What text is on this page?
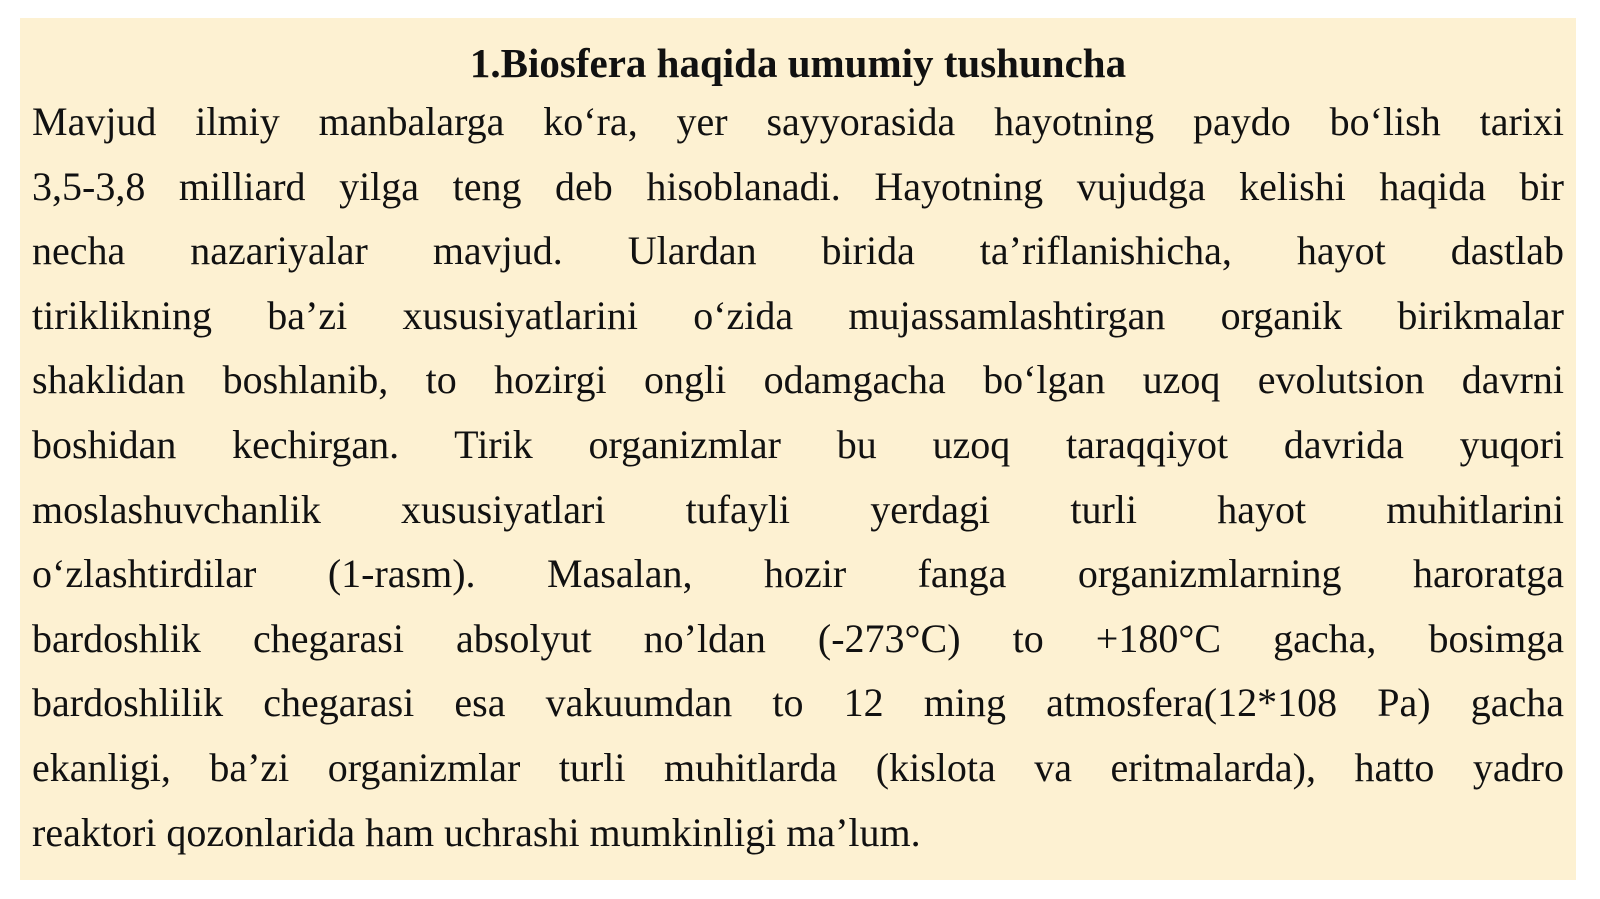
1.Biosfera haqida umumiy tushuncha
Mavjud ilmiy manbalarga ko‘ra, yer sayyorasida hayotning paydo bo‘lish tarixi
3,5-3,8 milliard yilga teng deb hisoblanadi. Hayotning vujudga kelishi haqida bir
necha nazariyalar mavjud. Ulardan birida ta’riflanishicha, hayot dastlab
tiriklikning ba’zi xususiyatlarini o‘zida mujassamlashtirgan organik birikmalar
shaklidan boshlanib, to hozirgi ongli odamgacha bo‘lgan uzoq evolutsion davrni
boshidan kechirgan. Tirik organizmlar bu uzoq taraqqiyot davrida yuqori
moslashuvchanlik xususiyatlari tufayli yerdagi turli hayot muhitlarini
o‘zlashtirdilar (1-rasm). Masalan, hozir fanga organizmlarning haroratga
bardoshlik chegarasi absolyut no’ldan (-273°C) to +180°C gacha, bosimga
bardoshlilik chegarasi esa vakuumdan to 12 ming atmosfera(12*108 Pa) gacha
ekanligi, ba’zi organizmlar turli muhitlarda (kislota va eritmalarda), hatto yadro
reaktori qozonlarida ham uchrashi mumkinligi ma’lum.
